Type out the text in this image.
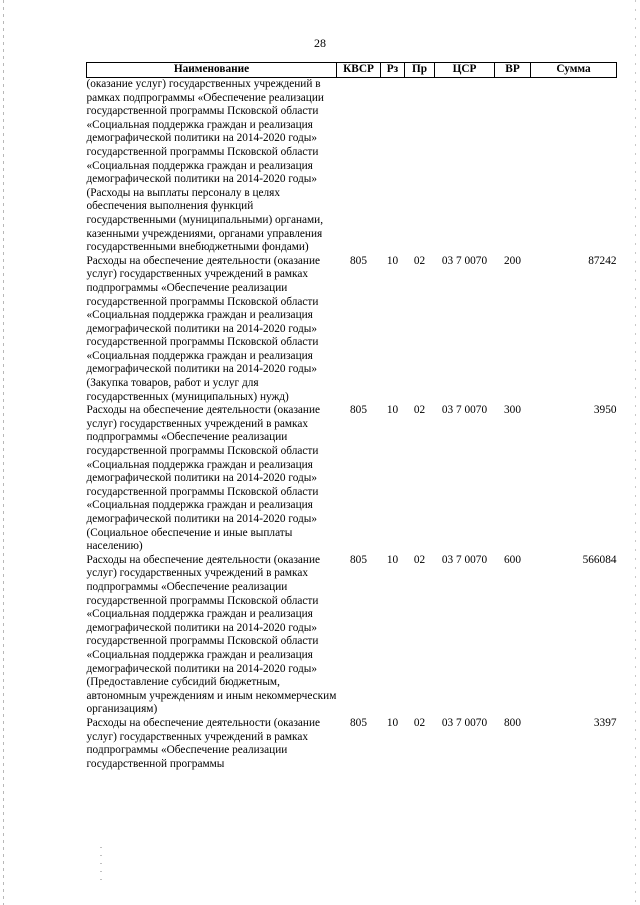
28
Наименование	КВСР	Рз	Пр	ЦСР	ВР	Сумма
(оказание услуг) государственных учреждений в рамках подпрограммы «Обеспечение реализации государственной программы Псковской области «Социальная поддержка граждан и реализация демографической политики на 2014-2020 годы» государственной программы Псковской области «Социальная поддержка граждан и реализация демографической политики на 2014-2020 годы» (Расходы на выплаты персоналу в целях обеспечения выполнения функций государственными (муниципальными) органами, казенными учреждениями, органами управления государственными внебюджетными фондами)						
Расходы на обеспечение деятельности (оказание услуг) государственных учреждений в рамках подпрограммы «Обеспечение реализации государственной программы Псковской области «Социальная поддержка граждан и реализация демографической политики на 2014-2020 годы» государственной программы Псковской области «Социальная поддержка граждан и реализация демографической политики на 2014-2020 годы» (Закупка товаров, работ и услуг для государственных (муниципальных) нужд)	805	10	02	03 7 0070	200	87242
Расходы на обеспечение деятельности (оказание услуг) государственных учреждений в рамках подпрограммы «Обеспечение реализации государственной программы Псковской области «Социальная поддержка граждан и реализация демографической политики на 2014-2020 годы» государственной программы Псковской области «Социальная поддержка граждан и реализация демографической политики на 2014-2020 годы» (Социальное обеспечение и иные выплаты населению)	805	10	02	03 7 0070	300	3950
Расходы на обеспечение деятельности (оказание услуг) государственных учреждений в рамках подпрограммы «Обеспечение реализации государственной программы Псковской области «Социальная поддержка граждан и реализация демографической политики на 2014-2020 годы» государственной программы Псковской области «Социальная поддержка граждан и реализация демографической политики на 2014-2020 годы» (Предоставление субсидий бюджетным, автономным учреждениям и иным некоммерческим организациям)	805	10	02	03 7 0070	600	566084
Расходы на обеспечение деятельности (оказание услуг) государственных учреждений в рамках подпрограммы «Обеспечение реализации государственной программы	805	10	02	03 7 0070	800	3397
